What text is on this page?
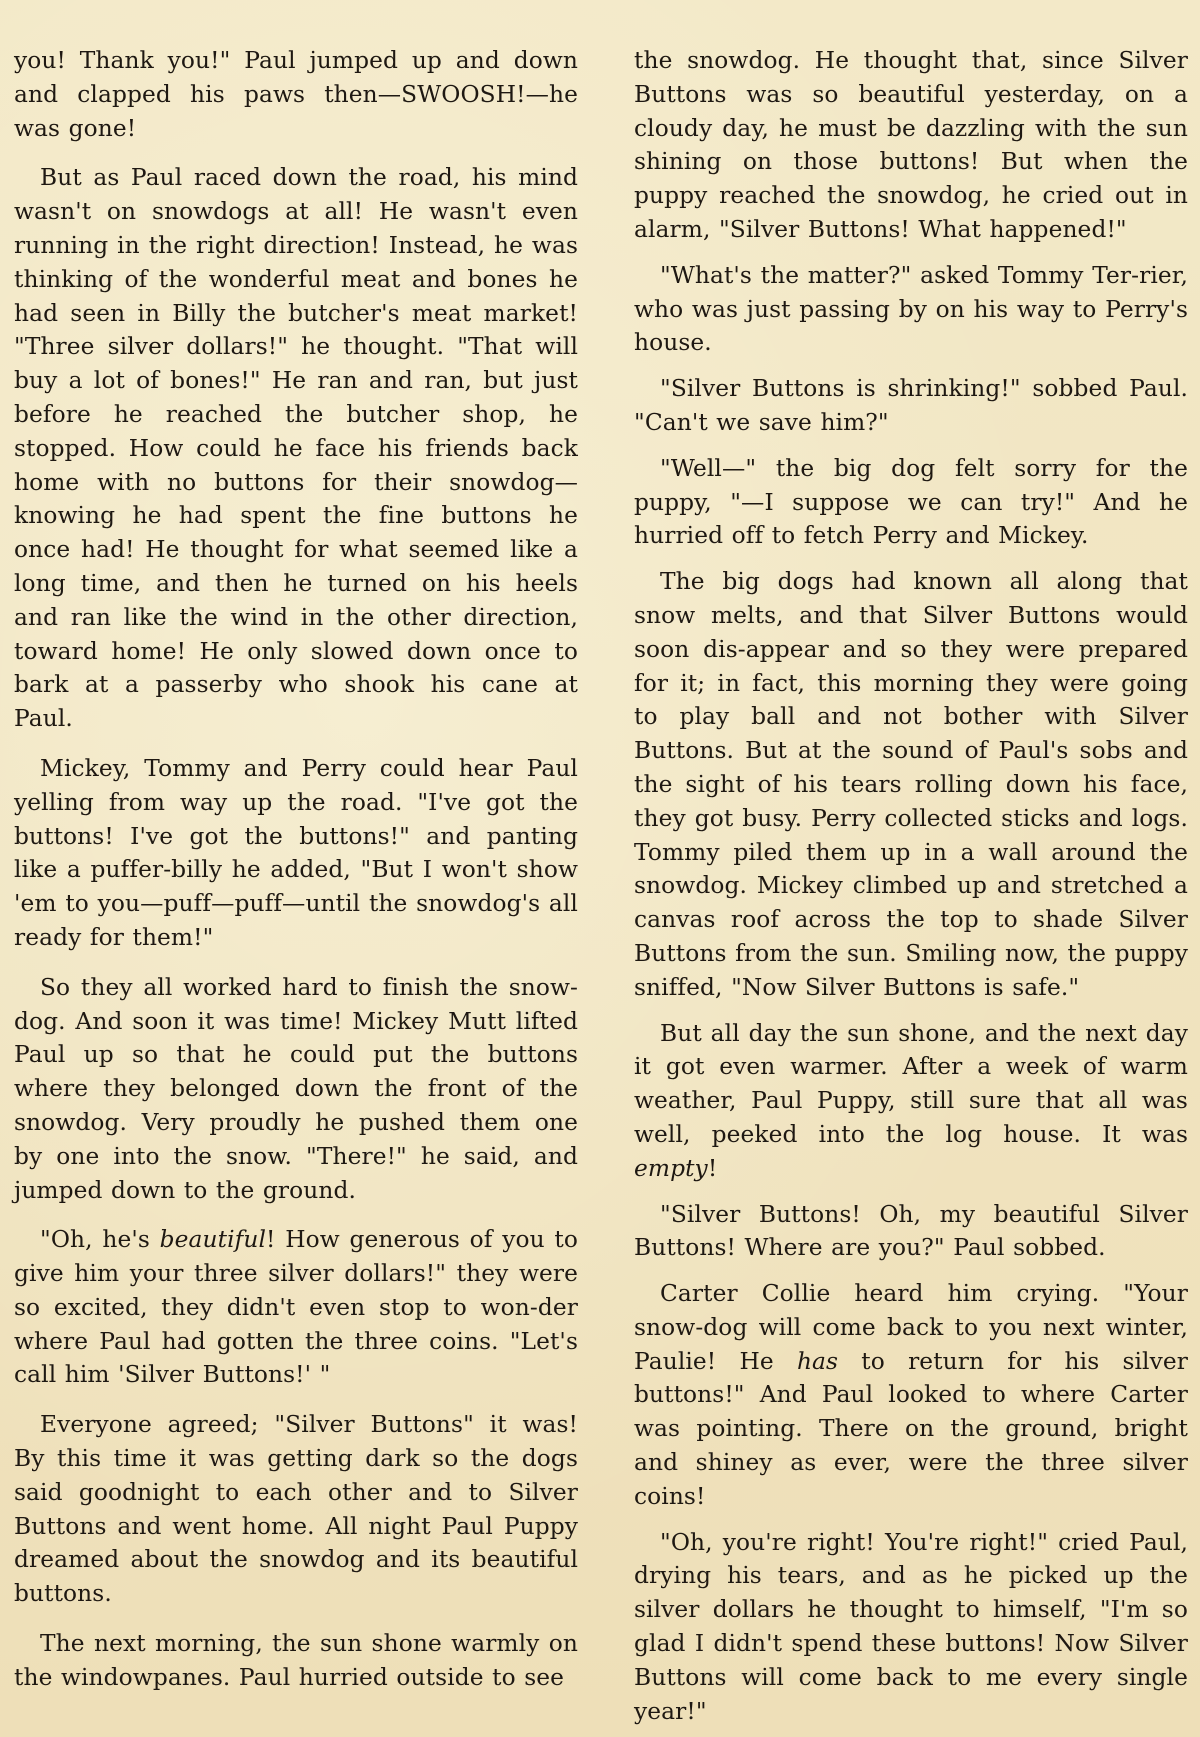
you! Thank you!" Paul jumped up and down and clapped his paws then—SWOOSH!—he was gone!

But as Paul raced down the road, his mind wasn't on snowdogs at all! He wasn't even running in the right direction! Instead, he was thinking of the wonderful meat and bones he had seen in Billy the butcher's meat market! "Three silver dollars!" he thought. "That will buy a lot of bones!" He ran and ran, but just before he reached the butcher shop, he stopped. How could he face his friends back home with no buttons for their snowdog—knowing he had spent the fine buttons he once had! He thought for what seemed like a long time, and then he turned on his heels and ran like the wind in the other direction, toward home! He only slowed down once to bark at a passerby who shook his cane at Paul.

Mickey, Tommy and Perry could hear Paul yelling from way up the road. "I've got the buttons! I've got the buttons!" and panting like a puffer-billy he added, "But I won't show 'em to you—puff—puff—until the snowdog's all ready for them!"

So they all worked hard to finish the snow-dog. And soon it was time! Mickey Mutt lifted Paul up so that he could put the buttons where they belonged down the front of the snowdog. Very proudly he pushed them one by one into the snow. "There!" he said, and jumped down to the ground.

"Oh, he's beautiful! How generous of you to give him your three silver dollars!" they were so excited, they didn't even stop to won-der where Paul had gotten the three coins. "Let's call him 'Silver Buttons!' "

Everyone agreed; "Silver Buttons" it was! By this time it was getting dark so the dogs said goodnight to each other and to Silver Buttons and went home. All night Paul Puppy dreamed about the snowdog and its beautiful buttons.

The next morning, the sun shone warmly on the windowpanes. Paul hurried outside to see

the snowdog. He thought that, since Silver Buttons was so beautiful yesterday, on a cloudy day, he must be dazzling with the sun shining on those buttons! But when the puppy reached the snowdog, he cried out in alarm, "Silver Buttons! What happened!"

"What's the matter?" asked Tommy Ter-rier, who was just passing by on his way to Perry's house.

"Silver Buttons is shrinking!" sobbed Paul. "Can't we save him?"

"Well—" the big dog felt sorry for the puppy, "—I suppose we can try!" And he hurried off to fetch Perry and Mickey.

The big dogs had known all along that snow melts, and that Silver Buttons would soon dis-appear and so they were prepared for it; in fact, this morning they were going to play ball and not bother with Silver Buttons. But at the sound of Paul's sobs and the sight of his tears rolling down his face, they got busy. Perry collected sticks and logs. Tommy piled them up in a wall around the snowdog. Mickey climbed up and stretched a canvas roof across the top to shade Silver Buttons from the sun. Smiling now, the puppy sniffed, "Now Silver Buttons is safe."

But all day the sun shone, and the next day it got even warmer. After a week of warm weather, Paul Puppy, still sure that all was well, peeked into the log house. It was empty!

"Silver Buttons! Oh, my beautiful Silver Buttons! Where are you?" Paul sobbed.

Carter Collie heard him crying. "Your snow-dog will come back to you next winter, Paulie! He has to return for his silver buttons!" And Paul looked to where Carter was pointing. There on the ground, bright and shiney as ever, were the three silver coins!

"Oh, you're right! You're right!" cried Paul, drying his tears, and as he picked up the silver dollars he thought to himself, "I'm so glad I didn't spend these buttons! Now Silver Buttons will come back to me every single year!"
